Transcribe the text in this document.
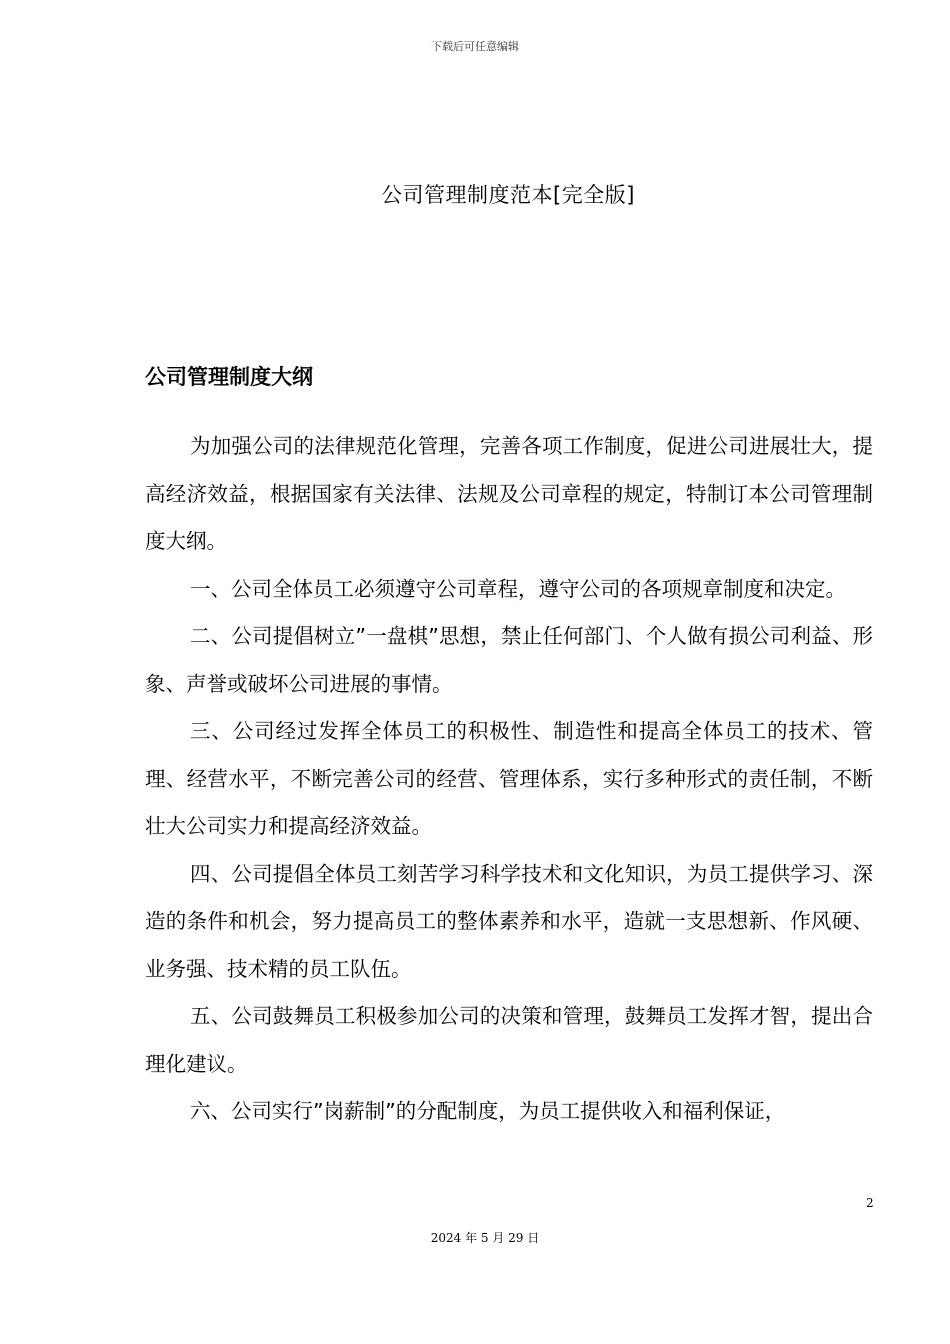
下载后可任意编辑
公司管理制度范本[完全版]
公司管理制度大纲

为加强公司的法律规范化管理，完善各项工作制度，促进公司进展壮大，提高经济效益，根据国家有关法律、法规及公司章程的规定，特制订本公司管理制度大纲。

一、公司全体员工必须遵守公司章程，遵守公司的各项规章制度和决定。

二、公司提倡树立”一盘棋”思想，禁止任何部门、个人做有损公司利益、形象、声誉或破坏公司进展的事情。

三、公司经过发挥全体员工的积极性、制造性和提高全体员工的技术、管理、经营水平，不断完善公司的经营、管理体系，实行多种形式的责任制，不断壮大公司实力和提高经济效益。

四、公司提倡全体员工刻苦学习科学技术和文化知识，为员工提供学习、深造的条件和机会，努力提高员工的整体素养和水平，造就一支思想新、作风硬、业务强、技术精的员工队伍。

五、公司鼓舞员工积极参加公司的决策和管理，鼓舞员工发挥才智，提出合理化建议。

六、公司实行”岗薪制”的分配制度，为员工提供收入和福利保证，

2
2024 年 5 月 29 日
